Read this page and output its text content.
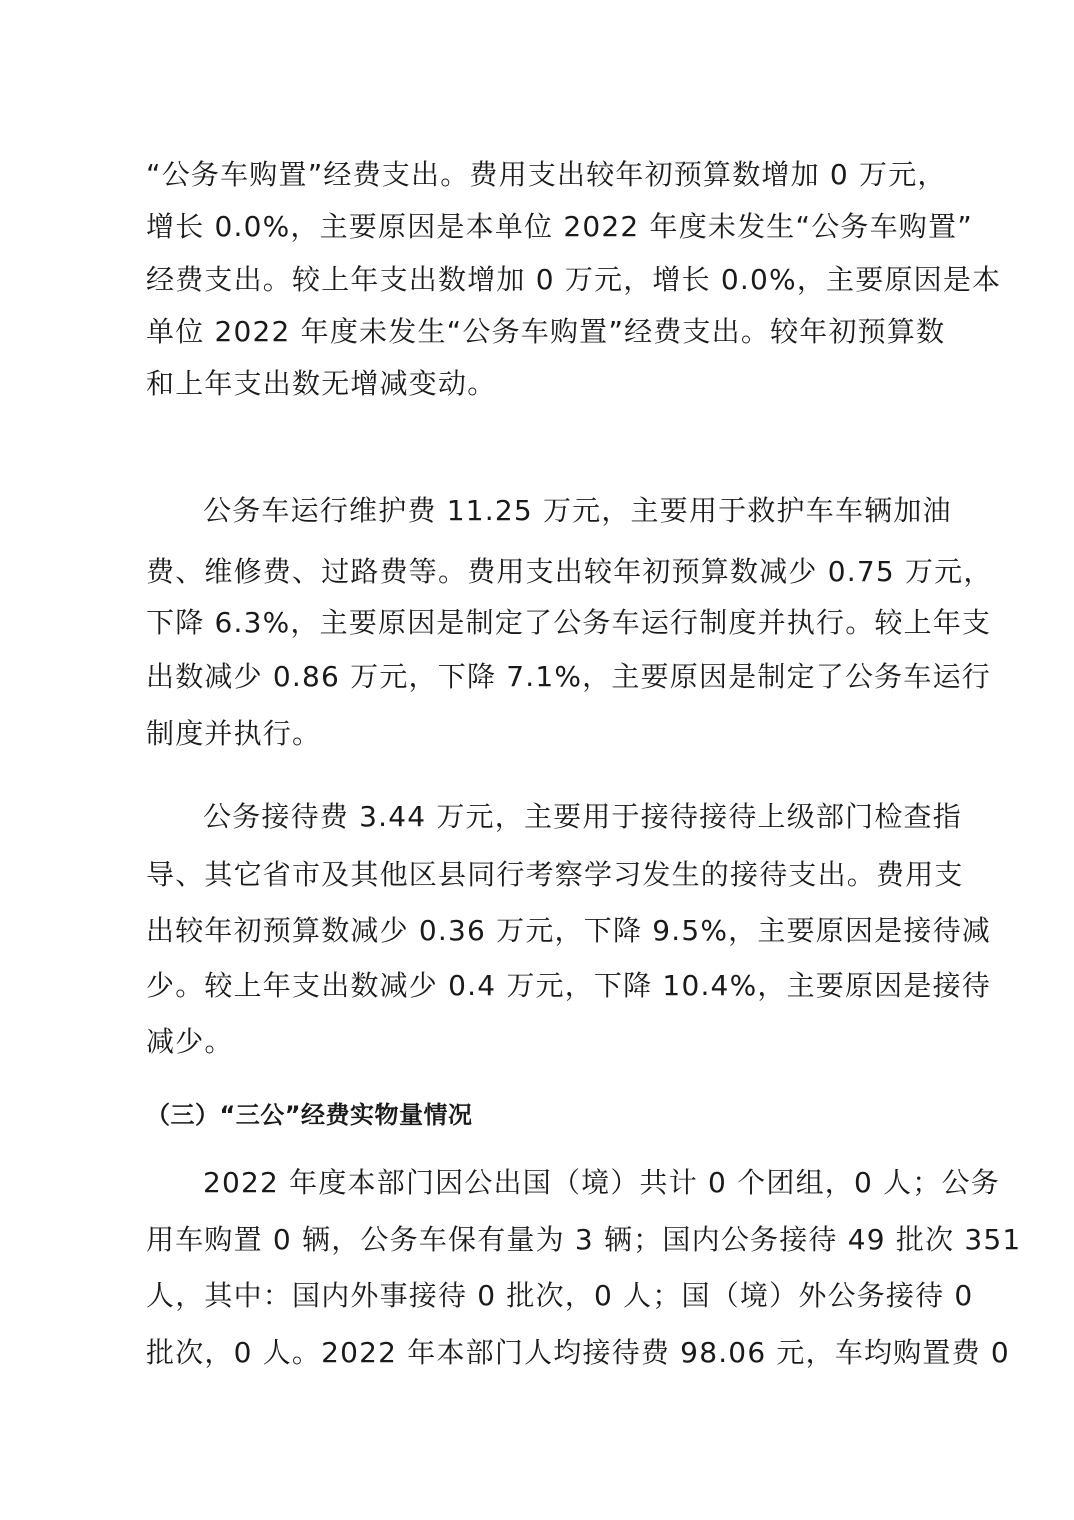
“公务车购置”经费支出。费用支出较年初预算数增加 0 万元，
增长 0.0%，主要原因是本单位 2022 年度未发生“公务车购置”
经费支出。较上年支出数增加 0 万元，增长 0.0%，主要原因是本
单位 2022 年度未发生“公务车购置”经费支出。较年初预算数
和上年支出数无增减变动。
公务车运行维护费 11.25 万元，主要用于救护车车辆加油
费、维修费、过路费等。费用支出较年初预算数减少 0.75 万元，
下降 6.3%，主要原因是制定了公务车运行制度并执行。较上年支
出数减少 0.86 万元，下降 7.1%，主要原因是制定了公务车运行
制度并执行。
公务接待费 3.44 万元，主要用于接待接待上级部门检查指
导、其它省市及其他区县同行考察学习发生的接待支出。费用支
出较年初预算数减少 0.36 万元，下降 9.5%，主要原因是接待减
少。较上年支出数减少 0.4 万元，下降 10.4%，主要原因是接待
减少。
（三）“三公”经费实物量情况
2022 年度本部门因公出国（境）共计 0 个团组，0 人；公务
用车购置 0 辆，公务车保有量为 3 辆；国内公务接待 49 批次 351
人，其中：国内外事接待 0 批次，0 人；国（境）外公务接待 0
批次，0 人。2022 年本部门人均接待费 98.06 元，车均购置费 0
